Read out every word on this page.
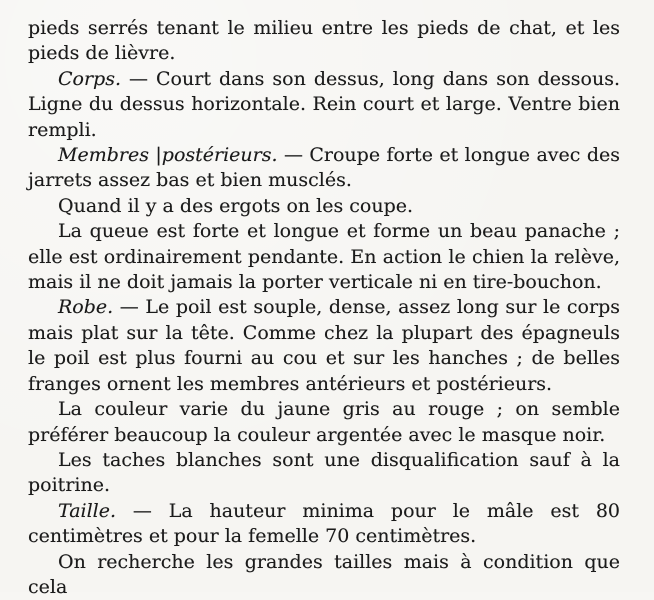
pieds serrés tenant le milieu entre les pieds de chat, et les pieds de lièvre.

Corps. — Court dans son dessus, long dans son dessous. Ligne du dessus horizontale. Rein court et large. Ventre bien rempli.

Membres |postérieurs. — Croupe forte et longue avec des jarrets assez bas et bien musclés.

Quand il y a des ergots on les coupe.

La queue est forte et longue et forme un beau panache ; elle est ordinairement pendante. En action le chien la relève, mais il ne doit jamais la porter verticale ni en tire-bouchon.

Robe. — Le poil est souple, dense, assez long sur le corps mais plat sur la tête. Comme chez la plupart des épagneuls le poil est plus fourni au cou et sur les hanches ; de belles franges ornent les membres antérieurs et postérieurs.

La couleur varie du jaune gris au rouge ; on semble préférer beaucoup la couleur argentée avec le masque noir.

Les taches blanches sont une disqualification sauf à la poitrine.

Taille. — La hauteur minima pour le mâle est 80 centimètres et pour la femelle 70 centimètres.

On recherche les grandes tailles mais à condition que cela
